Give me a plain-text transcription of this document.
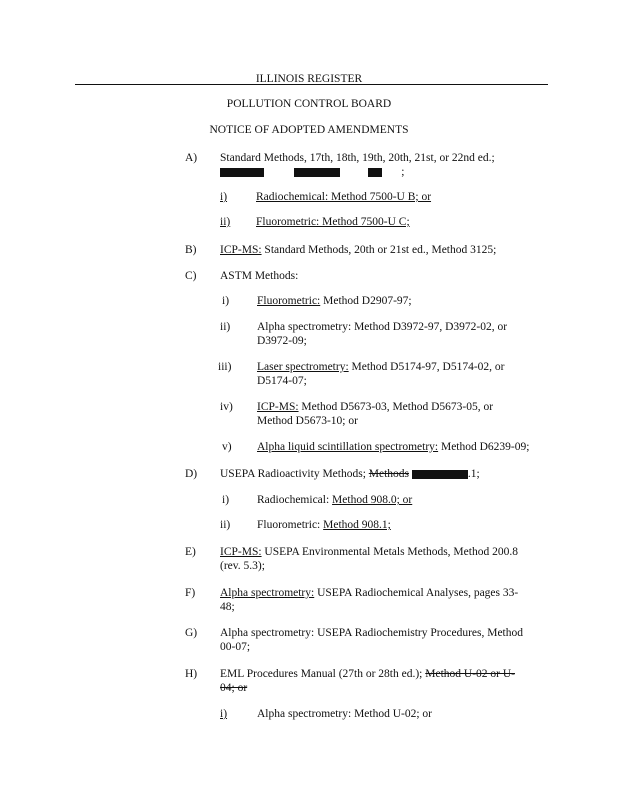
ILLINOIS REGISTER
POLLUTION CONTROL BOARD
NOTICE OF ADOPTED AMENDMENTS
A) Standard Methods, 17th, 18th, 19th, 20th, 21st, or 22nd ed.;
;
i)	Radiochemical: Method 7500-U B; or
ii) Fluorometric: Method 7500-U C;
B) ICP-MS: Standard Methods, 20th or 21st ed., Method 3125;
C) ASTM Methods:
i) Fluorometric: Method D2907-97;
ii) Alpha spectrometry: Method D3972-97, D3972-02, or
D3972-09;
iii) Laser spectrometry: Method D5174-97, D5174-02, or
D5174-07;
iv) ICP-MS: Method D5673-03, Method D5673-05, or
Method D5673-10; or
v) Alpha liquid scintillation spectrometry: Method D6239-09;
D) USEPA Radioactivity Methods; Methods	.1;
i) Radiochemical: Method 908.0; or
ii) Fluorometric: Method 908.1;
E) ICP-MS: USEPA Environmental Metals Methods, Method 200.8
(rev. 5.3);
F) Alpha spectrometry: USEPA Radiochemical Analyses, pages 33-
48;
G) Alpha spectrometry: USEPA Radiochemistry Procedures, Method
00-07;
H) EML Procedures Manual (27th or 28th ed.); Method U-02 or U-
04; or
i)	Alpha spectrometry: Method U-02; or
